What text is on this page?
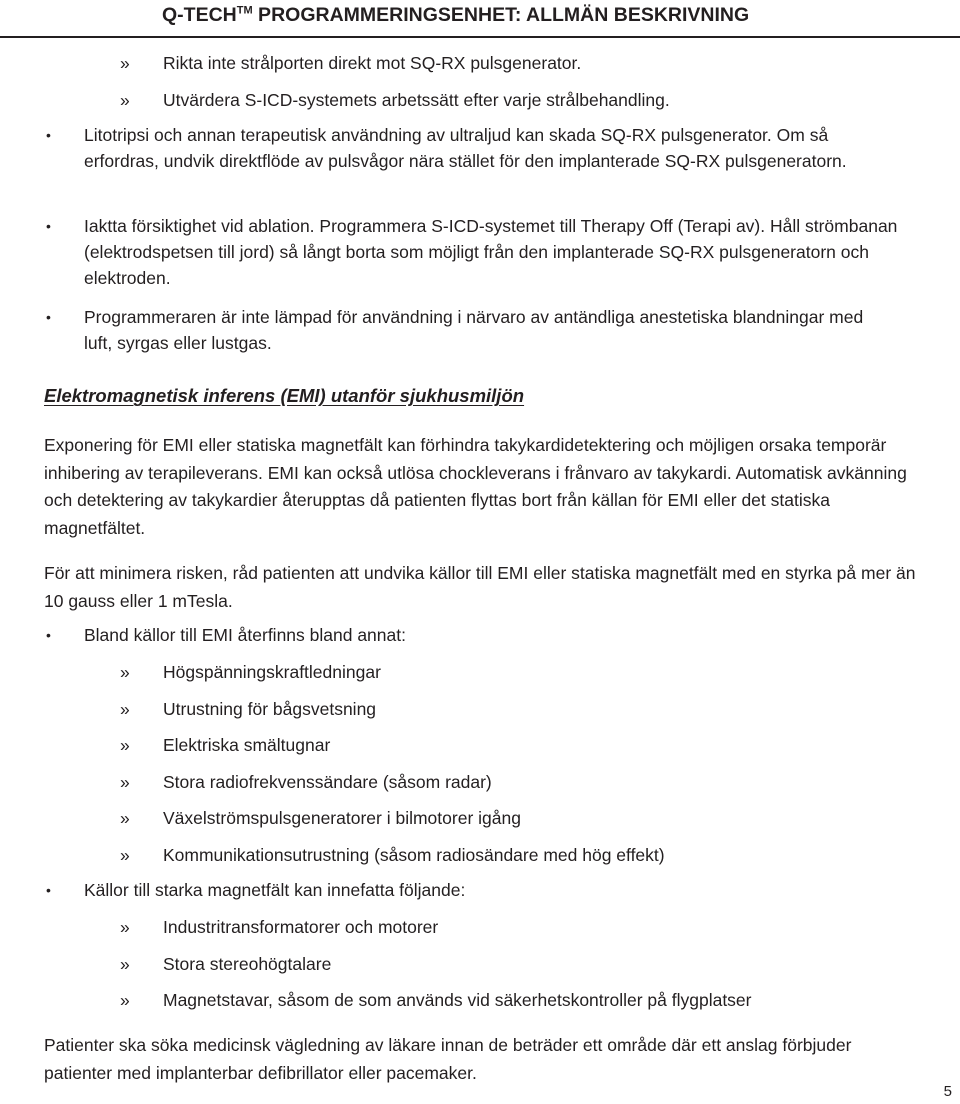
Q-TECH™ PROGRAMMERINGSENHET: ALLMÄN BESKRIVNING
» Rikta inte strålporten direkt mot SQ-RX pulsgenerator.
» Utvärdera S-ICD-systemets arbetssätt efter varje strålbehandling.
• Litotripsi och annan terapeutisk användning av ultraljud kan skada SQ-RX pulsgenerator. Om så erfordras, undvik direktflöde av pulsvågor nära stället för den implanterade SQ-RX pulsgeneratorn.
• Iaktta försiktighet vid ablation. Programmera S-ICD-systemet till Therapy Off (Terapi av). Håll strömbanan (elektrodspetsen till jord) så långt borta som möjligt från den implanterade SQ-RX pulsgeneratorn och elektroden.
• Programmeraren är inte lämpad för användning i närvaro av antändliga anestetiska blandningar med luft, syrgas eller lustgas.
Elektromagnetisk inferens (EMI) utanför sjukhusmiljön
Exponering för EMI eller statiska magnetfält kan förhindra takykardidetektering och möjligen orsaka temporär inhibering av terapileverans. EMI kan också utlösa chockleverans i frånvaro av takykardi. Automatisk avkänning och detektering av takykardier återupptas då patienten flyttas bort från källan för EMI eller det statiska magnetfältet.
För att minimera risken, råd patienten att undvika källor till EMI eller statiska magnetfält med en styrka på mer än 10 gauss eller 1 mTesla.
• Bland källor till EMI återfinns bland annat:
» Högspänningskraftledningar
» Utrustning för bågsvetsning
» Elektriska smältugnar
» Stora radiofrekvenssändare (såsom radar)
» Växelströmspulsgeneratorer i bilmotorer igång
» Kommunikationsutrustning (såsom radiosändare med hög effekt)
• Källor till starka magnetfält kan innefatta följande:
» Industritransformatorer och motorer
» Stora stereohögtalare
» Magnetstavar, såsom de som används vid säkerhetskontroller på flygplatser
Patienter ska söka medicinsk vägledning av läkare innan de beträder ett område där ett anslag förbjuder patienter med implanterbar defibrillator eller pacemaker.
5
